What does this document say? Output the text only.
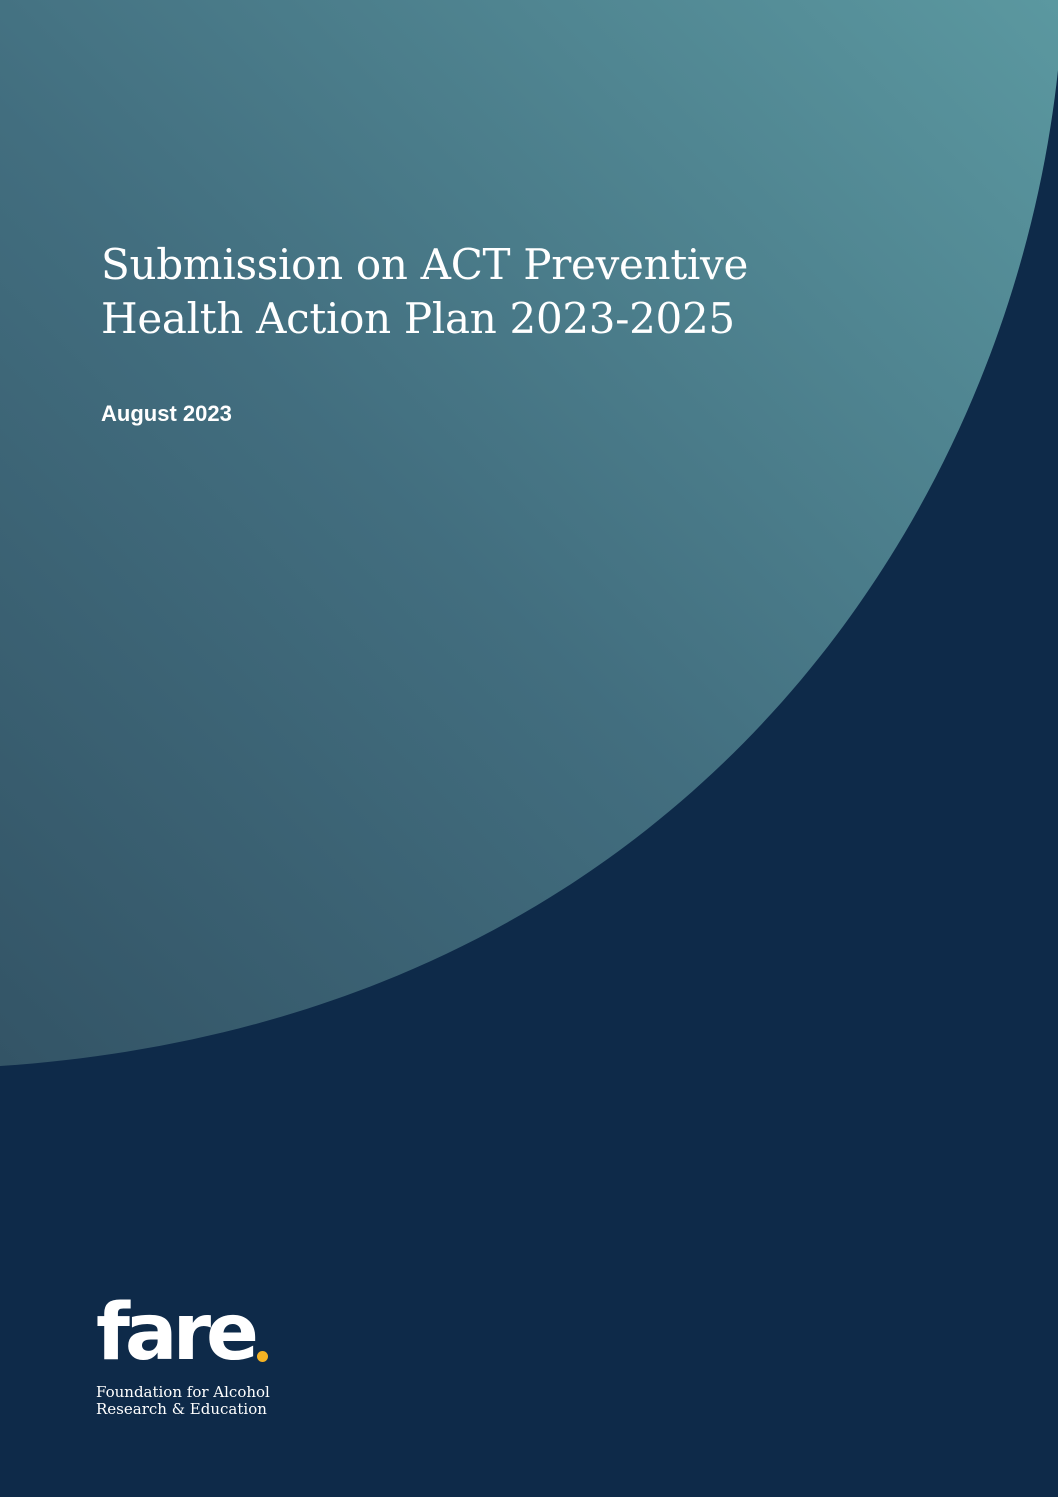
Submission on ACT Preventive
Health Action Plan 2023-2025
August 2023
fare
Foundation for Alcohol
Research & Education
